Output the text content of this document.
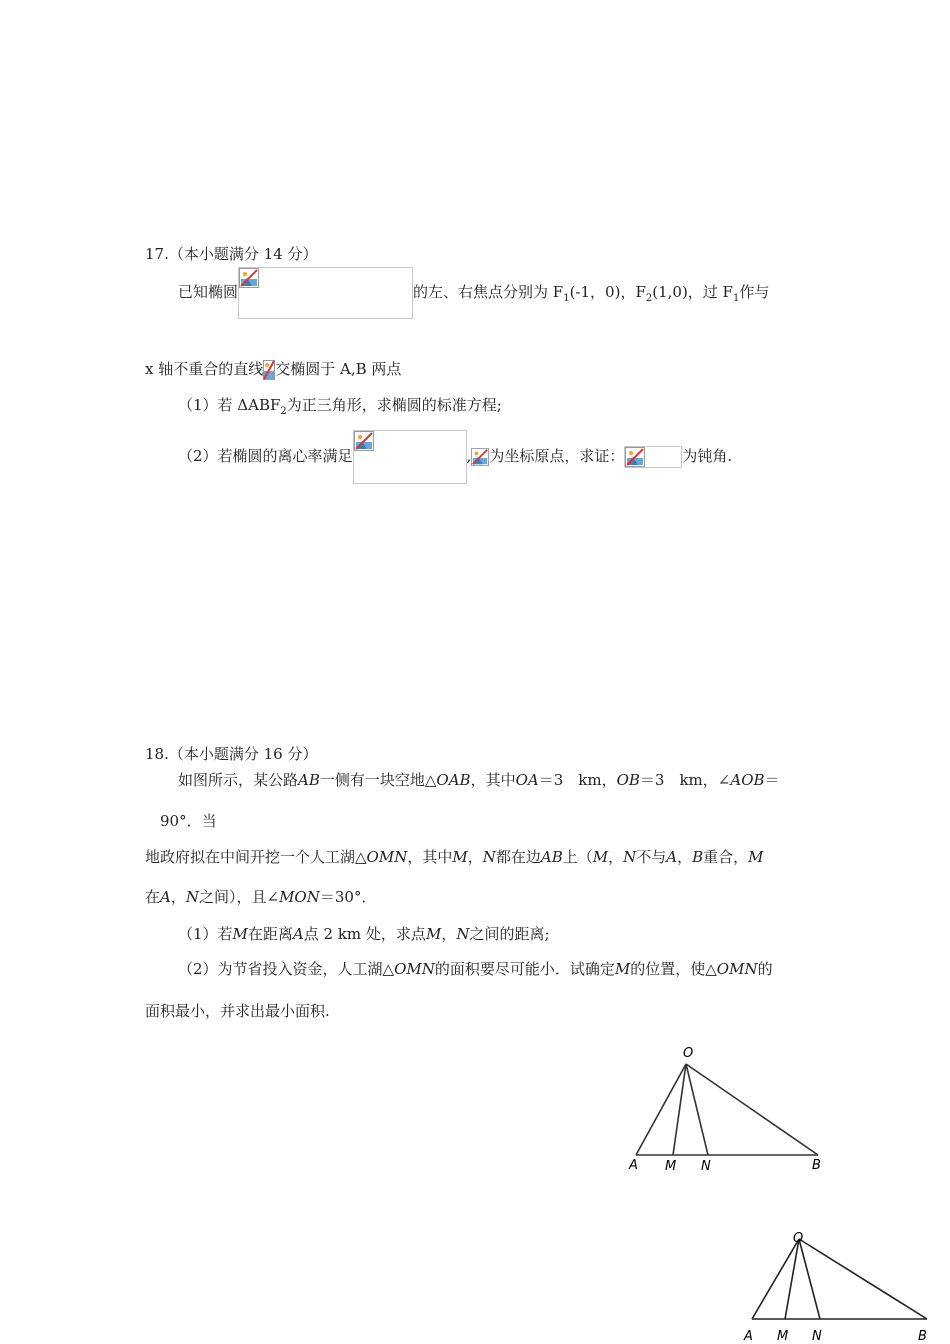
17.（本小题满分 14 分）
已知椭圆	的左、右焦点分别为 $F_1(-1$，0)，$F_2(1,0)$，过 $F_1$作与
x 轴不重合的直线 交椭圆于 A,B 两点
（1）若 $\Delta ABF_2$为正三角形，求椭圆的标准方程;
（2）若椭圆的离心率满足	, 为坐标原点，求证：	为钝角.
18.（本小题满分 16 分）
如图所示，某公路AB一侧有一块空地△OAB，其中OA＝3　km，OB＝3　km，∠AOB＝
90°．当
地政府拟在中间开挖一个人工湖△OMN，其中M，N都在边AB上（M，N不与A，B重合，M
在A，N之间），且∠MON＝30°．
（1）若M在距离A点 2 km 处，求点M，N之间的距离;
（2）为节省投入资金，人工湖△OMN的面积要尽可能小．试确定M的位置，使△OMN的
面积最小，并求出最小面积.
O
A M N	B
O
A M N	B
